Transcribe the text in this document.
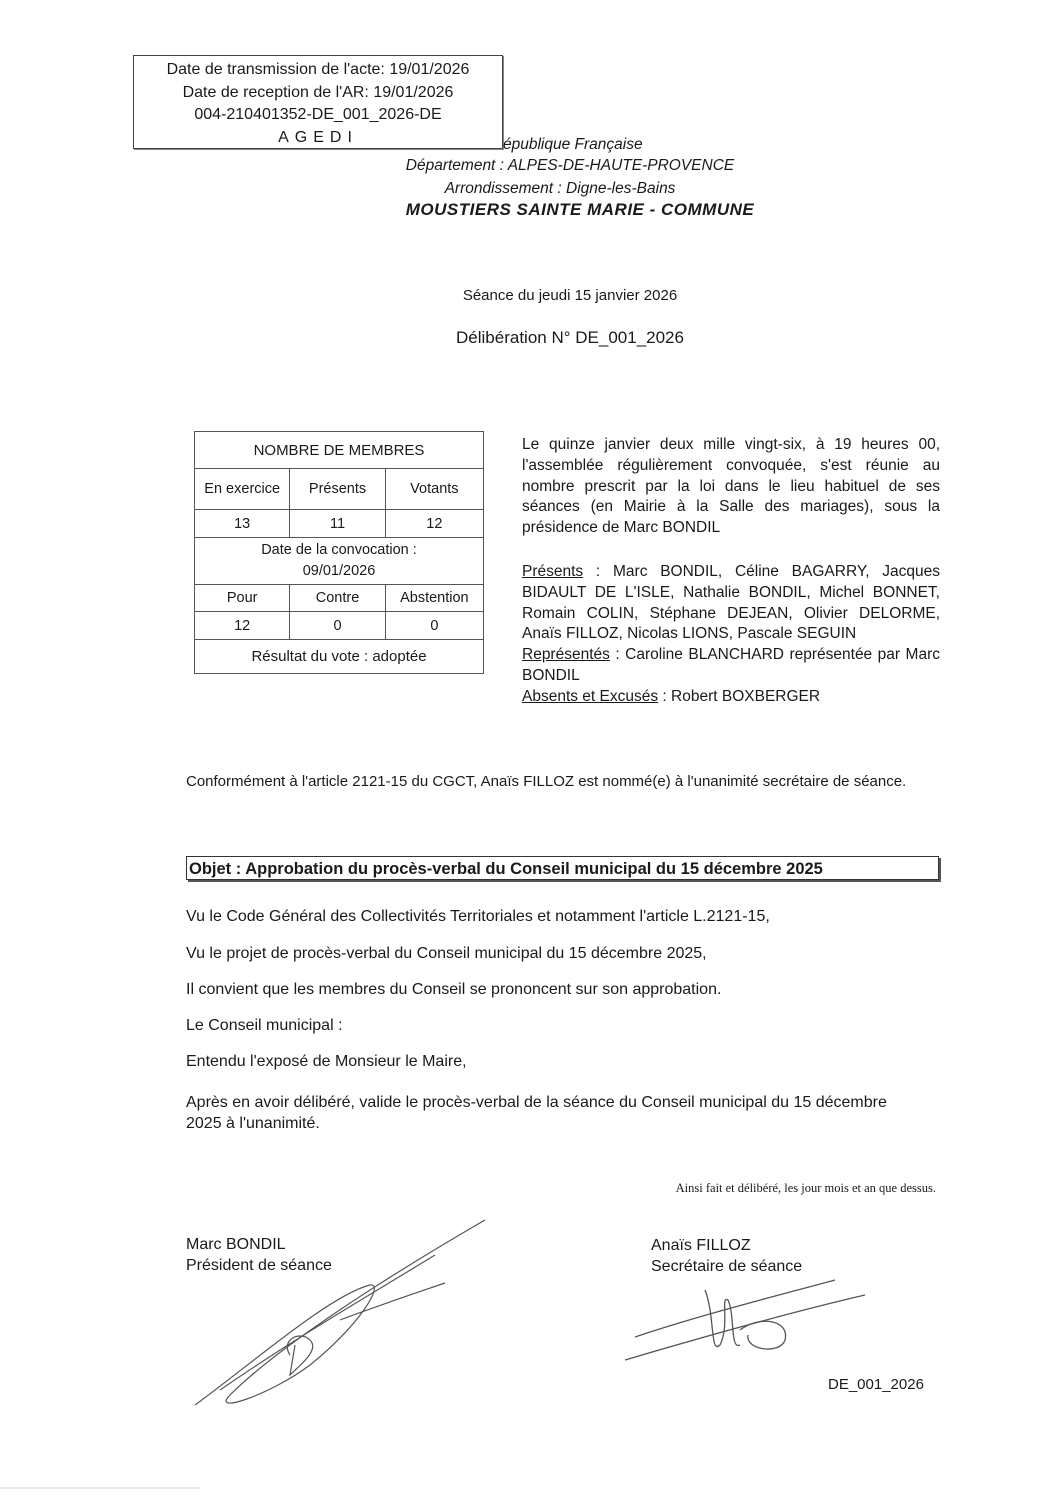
Date de transmission de l'acte: 19/01/2026
Date de reception de l'AR: 19/01/2026
004-210401352-DE_001_2026-DE
AGEDI	épublique Française
Département : ALPES-DE-HAUTE-PROVENCE
Arrondissement : Digne-les-Bains
MOUSTIERS SAINTE MARIE - COMMUNE
Séance du jeudi 15 janvier 2026
Délibération N° DE_001_2026
NOMBRE DE MEMBRES		
En exercice	Présents	Votants
13	11	12

Date de la convocation :
09/01/2026		

Pour	Contre	Abstention
12	0	0
Résultat du vote : adoptée		
Le quinze janvier deux mille vingt-six, à 19 heures 00, l'assemblée régulièrement convoquée, s'est réunie au nombre prescrit par la loi dans le lieu habituel de ses séances (en Mairie à la Salle des mariages), sous la présidence de Marc BONDIL
Présents : Marc BONDIL, Céline BAGARRY, Jacques BIDAULT DE L'ISLE, Nathalie BONDIL, Michel BONNET, Romain COLIN, Stéphane DEJEAN, Olivier DELORME, Anaïs FILLOZ, Nicolas LIONS, Pascale SEGUIN
Représentés : Caroline BLANCHARD représentée par Marc BONDIL
Absents et Excusés : Robert BOXBERGER
Conformément à l'article 2121-15 du CGCT, Anaïs FILLOZ est nommé(e) à l'unanimité secrétaire de séance.
Objet : Approbation du procès-verbal du Conseil municipal du 15 décembre 2025
Vu le Code Général des Collectivités Territoriales et notamment l'article L.2121-15,
Vu le projet de procès-verbal du Conseil municipal du 15 décembre 2025,
Il convient que les membres du Conseil se prononcent sur son approbation.
Le Conseil municipal :
Entendu l'exposé de Monsieur le Maire,
Après en avoir délibéré, valide le procès-verbal de la séance du Conseil municipal du 15 décembre 2025 à l'unanimité.
Ainsi fait et délibéré, les jour mois et an que dessus.
Marc BONDIL
Président de séance
Anaïs FILLOZ
Secrétaire de séance
DE_001_2026
